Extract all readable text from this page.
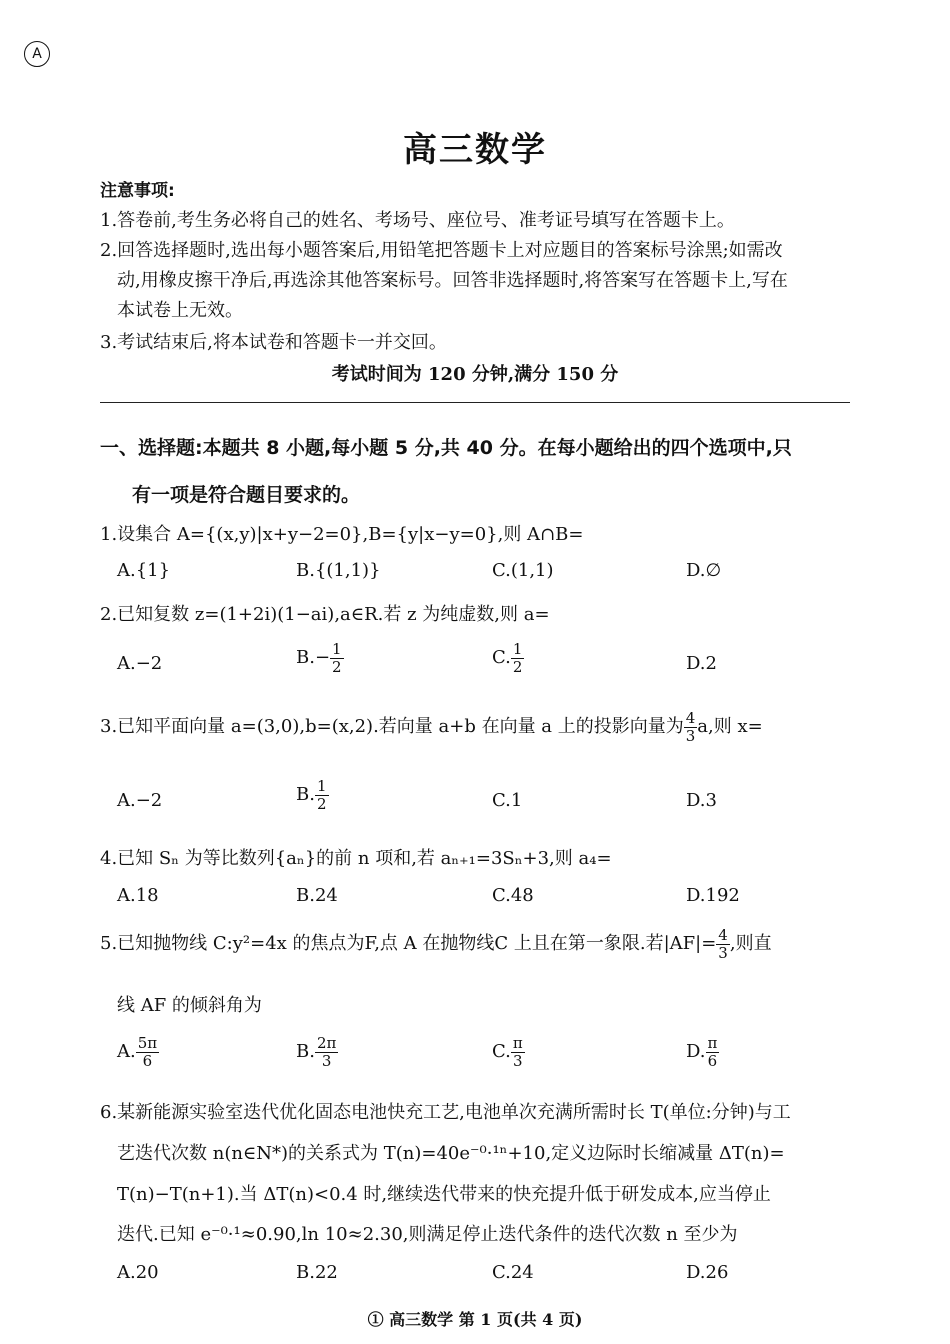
A
高三数学
注意事项:
1.答卷前,考生务必将自己的姓名、考场号、座位号、准考证号填写在答题卡上。
2.回答选择题时,选出每小题答案后,用铅笔把答题卡上对应题目的答案标号涂黑;如需改
动,用橡皮擦干净后,再选涂其他答案标号。回答非选择题时,将答案写在答题卡上,写在
本试卷上无效。
3.考试结束后,将本试卷和答题卡一并交回。
考试时间为 120 分钟,满分 150 分
一、选择题:本题共 8 小题,每小题 5 分,共 40 分。在每小题给出的四个选项中,只
有一项是符合题目要求的。
1.设集合 A={(x,y)|x+y−2=0},B={y|x−y=0},则 A∩B=
A.{1}	B.{(1,1)}	C.(1,1)	D.∅
2.已知复数 z=(1+2i)(1−ai),a∈R.若 z 为纯虚数,则 a=
A.−2	$B.- \frac{1}{2}$	C. $\frac{1}{2}$	D.2
3.已知平面向量 a=(3,0),b=(x,2).若向量 a+b 在向量 a 上的投影向量为 $\frac{4}{3} a$,则 x=
A.−2	B. $\frac{1}{2}$	C.1	D.3
4.已知 Sₙ 为等比数列{aₙ}的前 n 项和,若 aₙ₊₁=3Sₙ+3,则 a₄=
A.18	B.24	C.48	D.192
5.已知抛物线 C:y²=4x 的焦点为F,点 A 在抛物线C 上且在第一象限.若$|AF|= \frac{4}{3}$ ,则直
线 AF 的倾斜角为
A. $\frac{5\pi}{6}$	B. $\frac{2\pi}{3}$	C. $\frac{\pi}{3}$	D. $\frac{\pi}{6}$
6.某新能源实验室迭代优化固态电池快充工艺,电池单次充满所需时长 T(单位:分钟)与工
艺迭代次数 n(n∈N*)的关系式为 T(n)=40e⁻⁰·¹ⁿ+10,定义边际时长缩减量 ΔT(n)=
T(n)−T(n+1).当 ΔT(n)<0.4 时,继续迭代带来的快充提升低于研发成本,应当停止
迭代.已知 e⁻⁰·¹≈0.90,ln 10≈2.30,则满足停止迭代条件的迭代次数 n 至少为
A.20	B.22	C.24	D.26
① 高三数学 第 1 页(共 4 页)
